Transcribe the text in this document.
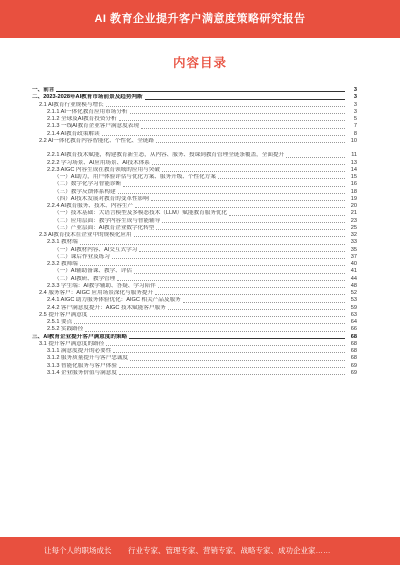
AI 教育企业提升客户满意度策略研究报告
内容目录
一、前言	3
二、2023-2028年AI教育市场前景及趋势判断	3
2.1 AI教育行业规模与增长	3
2.1.1 AI一体化教育应用市场分析	3
2.1.2 全球及AI教育投资分析	5
2.1.3 一线AI教育企业客户满意度表现	7
2.1.4 AI教育政策解读	8
2.2 AI一体化教育内容智能化、个性化、全链路	10
2.2.1 AI教育技术赋能，构建教育新生态，从内容、服务、授课到教育管理全链条覆盖，全面提升	11
2.2.2 学习场景、AI应用场景、AI技术体系	13
2.2.3 AIGC 内容生成在教育领域的应用与突破	14
（一）AI助力，用户体验评估与优化方案、服务升级、个性化方案	15
（二）数字化学习智能诊断	16
（三）教学反馈体系构建	18
（四）AI技术发展对教育的变革性影响	19
2.2.4 AI教育服务、技术、内容生产	20
（一）技术基础：大语言模型及多模态技术（LLM）赋能教育服务优化	21
（二）应用层面：教学内容生成与智能辅导	23
（三）产业层面：AI教育企业数字化转型	25
2.3 AI教育技术在企业中的规模化应用	32
2.3.1 教材端	33
（一）AI教材内容、AI交互式学习	35
（二）课后作业及练习	37
2.3.2 教师端	40
（一）AI辅助备课、教学、评估	41
（二）AI教研、教学管理	44
2.3.3 学生端：AI教学辅助、答疑、学习陪伴	48
2.4 服务客户：AIGC 应用场景深化与服务提升	52
2.4.1 AIGC 助力服务体验优化：AIGC 相关产品及服务	53
2.4.2 客户满意度提升：AIGC 技术赋能客户服务	59
2.5 提升客户满意度	63
2.5.1 要点	64
2.5.2 实践路径	66
三、AI教育企业提升客户满意度的策略	68
3.1 提升客户满意度的路径	68
3.1.1 满意度提升的必要性	68
3.1.2 服务质量提升与客户忠诚度	68
3.1.3 智能化服务与客户体验	69
3.1.4 企业服务价值与满意度	69
让每个人的职场成长 行业专家、管理专家、营销专家、战略专家、成功企业家……
